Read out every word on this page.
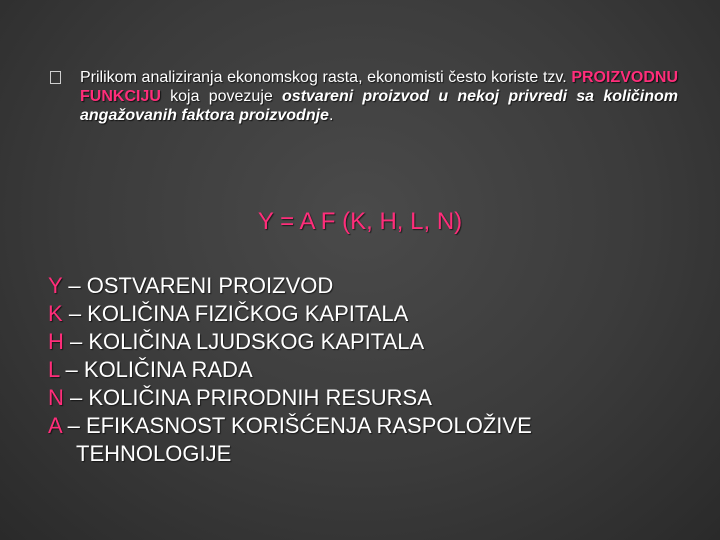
Prilikom analiziranja ekonomskog rasta, ekonomisti često koriste tzv. PROIZVODNU FUNKCIJU koja povezuje ostvareni proizvod u nekoj privredi sa količinom angažovanih faktora proizvodnje.
Y = A F (K, H, L, N)
Y – OSTVARENI PROIZVOD
K – KOLIČINA FIZIČKOG KAPITALA
H – KOLIČINA LJUDSKOG KAPITALA
L – KOLIČINA RADA
N – KOLIČINA PRIRODNIH RESURSA
A – EFIKASNOST KORIŠĆENJA RASPOLOŽIVE
TEHNOLOGIJE
